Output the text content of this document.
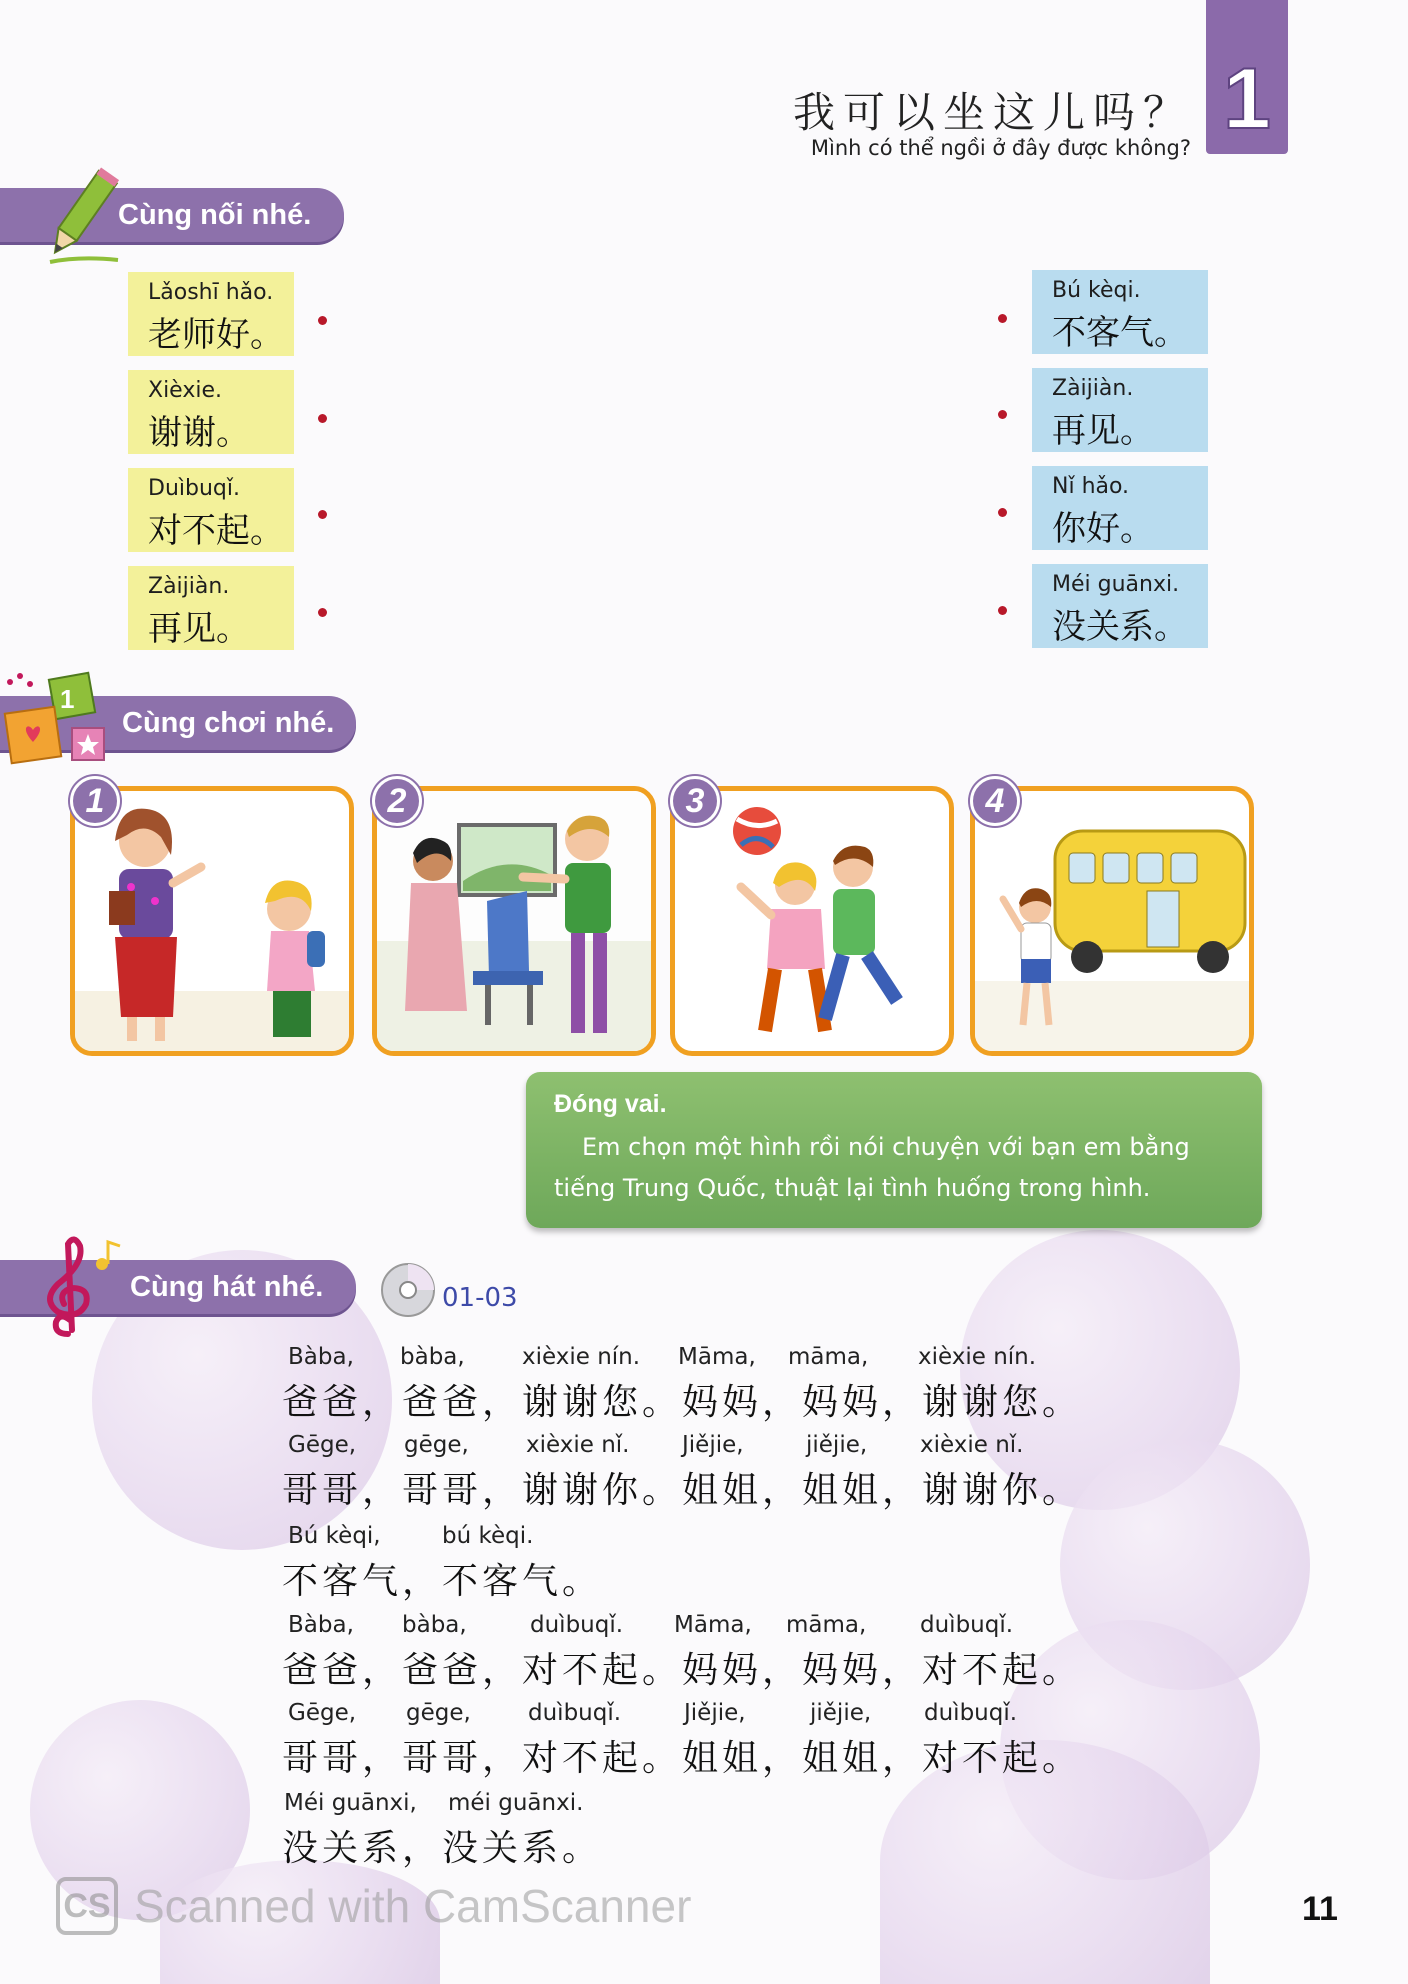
1
我可以坐这儿吗？
Mình có thể ngồi ở đây được không?
Cùng nối nhé.
Lǎoshī hǎo.
老师好。
Xièxie.
谢谢。
Duìbuqǐ.
对不起。
Zàijiàn.
再见。
Bú kèqi.
不客气。
Zàijiàn.
再见。
Nǐ hǎo.
你好。
Méi guānxi.
没关系。
Cùng chơi nhé.
1
1	2	3	4
Đóng vai.
Em chọn một hình rồi nói chuyện với bạn em bằng tiếng Trung Quốc, thuật lại tình huống trong hình.
Cùng hát nhé.	01-03
Bàba, bàba, xièxie nín. Māma, māma, xièxie nín.
爸爸，爸爸，谢谢您。妈妈，妈妈，谢谢您。
Gēge, gēge, xièxie nǐ. Jiějie,	jiějie, xièxie nǐ.
哥哥，哥哥，谢谢你。姐姐，姐姐，谢谢你。
Bú kèqi,	bú kèqi.
不客气，不客气。
Bàba, bàba,	duìbuqǐ. Māma, māma, duìbuqǐ.
爸爸，爸爸，对不起。妈妈，妈妈，对不起。
Gēge, gēge, duìbuqǐ.	Jiějie,	jiějie, duìbuqǐ.
哥哥，哥哥，对不起。姐姐，姐姐，对不起。
Méi guānxi, méi guānxi.
没关系，没关系。
CS Scanned with CamScanner	11
